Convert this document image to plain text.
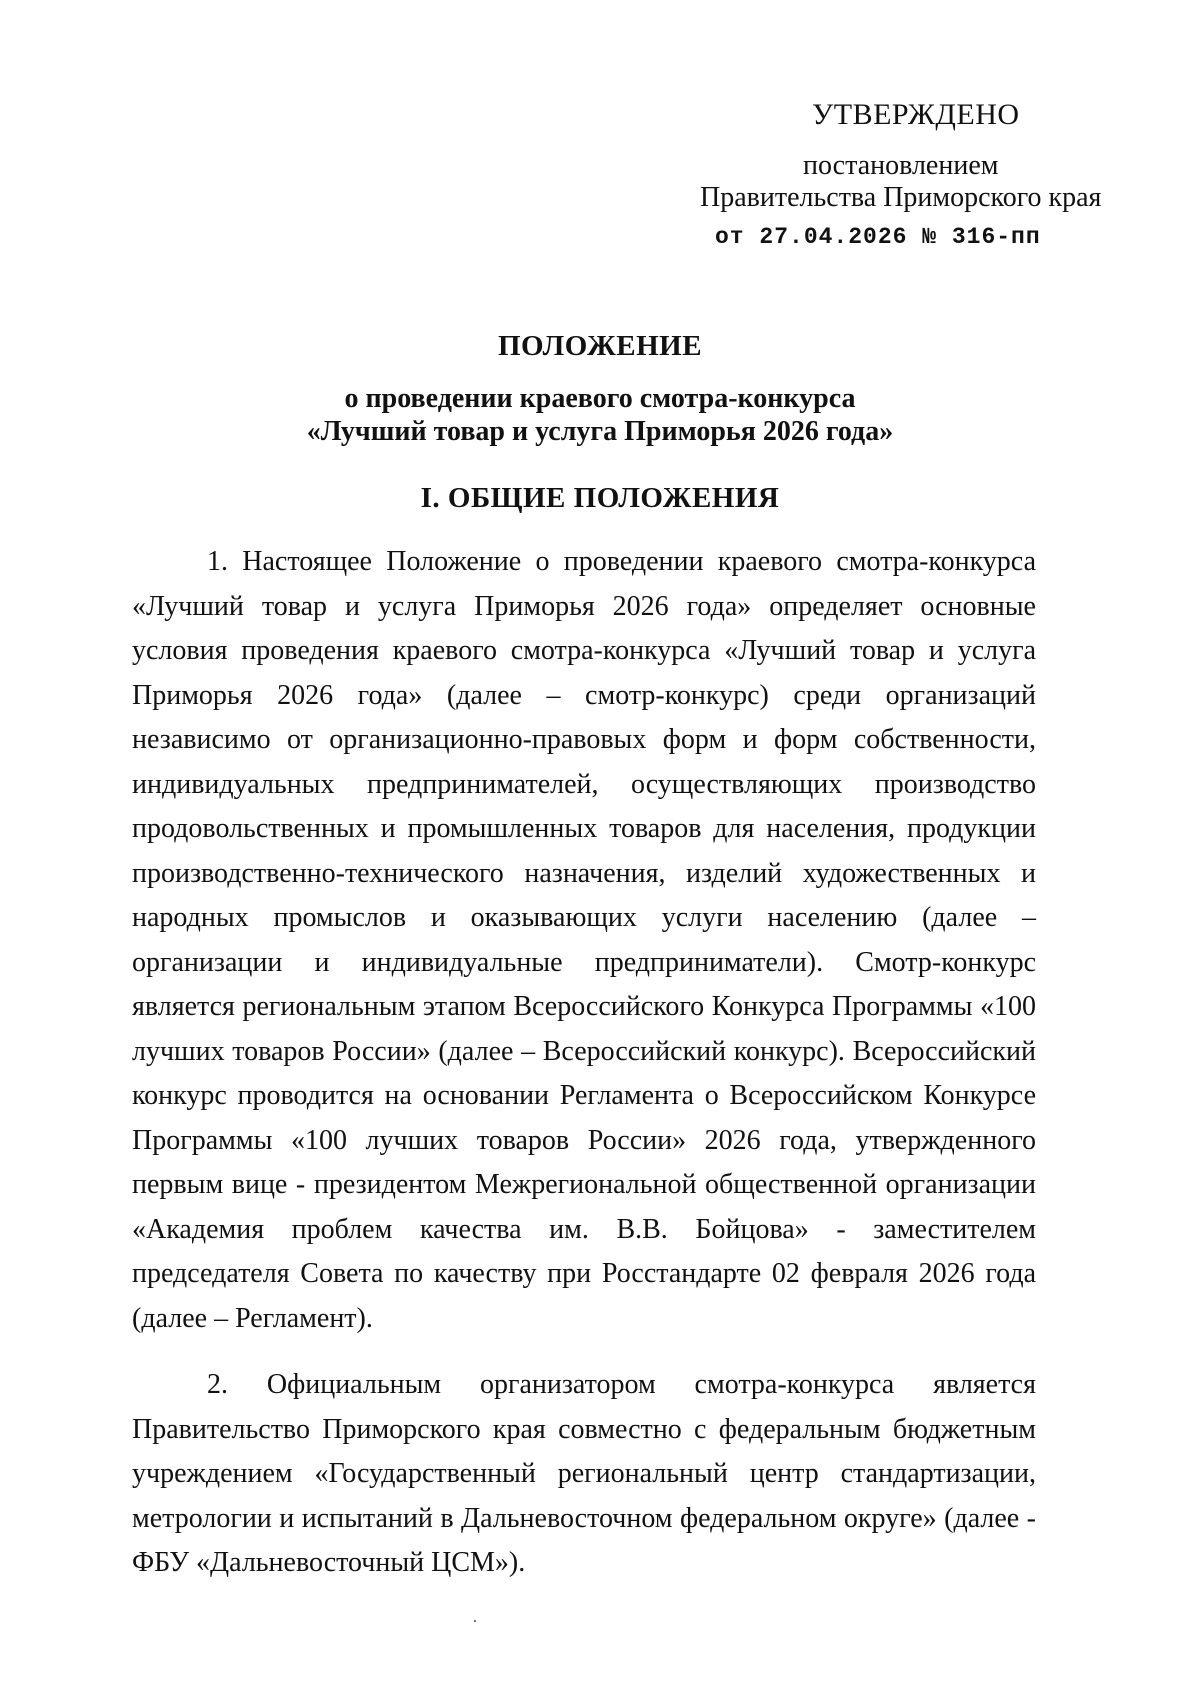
УТВЕРЖДЕНО
постановлением
Правительства Приморского края
от 27.04.2026 № 316-пп
ПОЛОЖЕНИЕ
о проведении краевого смотра-конкурса
«Лучший товар и услуга Приморья 2026 года»
I. ОБЩИЕ ПОЛОЖЕНИЯ

1. Настоящее Положение о проведении краевого смотра-конкурса «Лучший товар и услуга Приморья 2026 года» определяет основные условия проведения краевого смотра-конкурса «Лучший товар и услуга Приморья 2026 года» (далее – смотр-конкурс) среди организаций независимо от организационно-правовых форм и форм собственности, индивидуальных предпринимателей, осуществляющих производство продовольственных и промышленных товаров для населения, продукции производственно-технического назначения, изделий художественных и народных промыслов и оказывающих услуги населению (далее – организации и индивидуальные предприниматели). Смотр-конкурс является региональным этапом Всероссийского Конкурса Программы «100 лучших товаров России» (далее – Всероссийский конкурс). Всероссийский конкурс проводится на основании Регламента о Всероссийском Конкурсе Программы «100 лучших товаров России» 2026 года, утвержденного первым вице - президентом Межрегиональной общественной организации «Академия проблем качества им. В.В. Бойцова» - заместителем председателя Совета по качеству при Росстандарте 02 февраля 2026 года (далее – Регламент).

2. Официальным организатором смотра-конкурса является Правительство Приморского края совместно с федеральным бюджетным учреждением «Государственный региональный центр стандартизации, метрологии и испытаний в Дальневосточном федеральном округе» (далее - ФБУ «Дальневосточный ЦСМ»).
